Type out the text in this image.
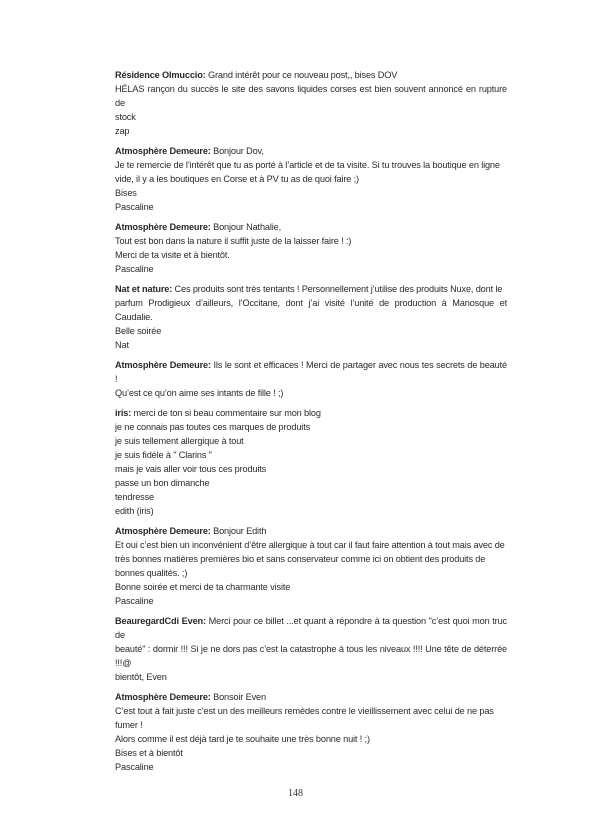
Résidence Olmuccio: Grand intérêt pour ce nouveau post,, bises DOV
HÉLAS rançon du succès le site des savons liquides corses est bien souvent annoncé en rupture de
stock
zap
Atmosphère Demeure: Bonjour Dov,
Je te remercie de l’intérêt que tu as porté à l’article et de ta visite. Si tu trouves la boutique en ligne
vide, il y a les boutiques en Corse et à PV tu as de quoi faire ;)
Bises
Pascaline
Atmosphère Demeure: Bonjour Nathalie,
Tout est bon dans la nature il suffit juste de la laisser faire ! :)
Merci de ta visite et à bientôt.
Pascaline
Nat et nature: Ces produits sont très tentants ! Personnellement j’utilise des produits Nuxe, dont le
parfum Prodigieux d’ailleurs, l’Occitane, dont j’ai visité l’unité de production à Manosque et Caudalie.
Belle soirée
Nat
Atmosphère Demeure: Ils le sont et efficaces ! Merci de partager avec nous tes secrets de beauté !
Qu’est ce qu’on aime ses intants de fille ! ;)
iris: merci de ton si beau commentaire sur mon blog
je ne connais pas toutes ces marques de produits
je suis tellement allergique à tout
je suis fidèle à " Clarins "
mais je vais aller voir tous ces produits
passe un bon dimanche
tendresse
edith (iris)
Atmosphère Demeure: Bonjour Edith
Et oui c’est bien un inconvénient d’être allergique à tout car il faut faire attention à tout mais avec de
très bonnes matières premières bio et sans conservateur comme ici on obtient des produits de
bonnes qualités. ;)
Bonne soirée et merci de ta charmante visite
Pascaline
BeauregardCdi Even: Merci pour ce billet ...et quant à répondre à ta question "c’est quoi mon truc de
beauté" : dormir !!! Si je ne dors pas c’est la catastrophe à tous les niveaux !!!! Une tête de déterrée !!!@
bientôt, Even
Atmosphère Demeure: Bonsoir Even
C’est tout à fait juste c’est un des meilleurs remèdes contre le vieillissement avec celui de ne pas
fumer !
Alors comme il est déjà tard je te souhaite une très bonne nuit ! ;)
Bises et à bientôt
Pascaline
148
